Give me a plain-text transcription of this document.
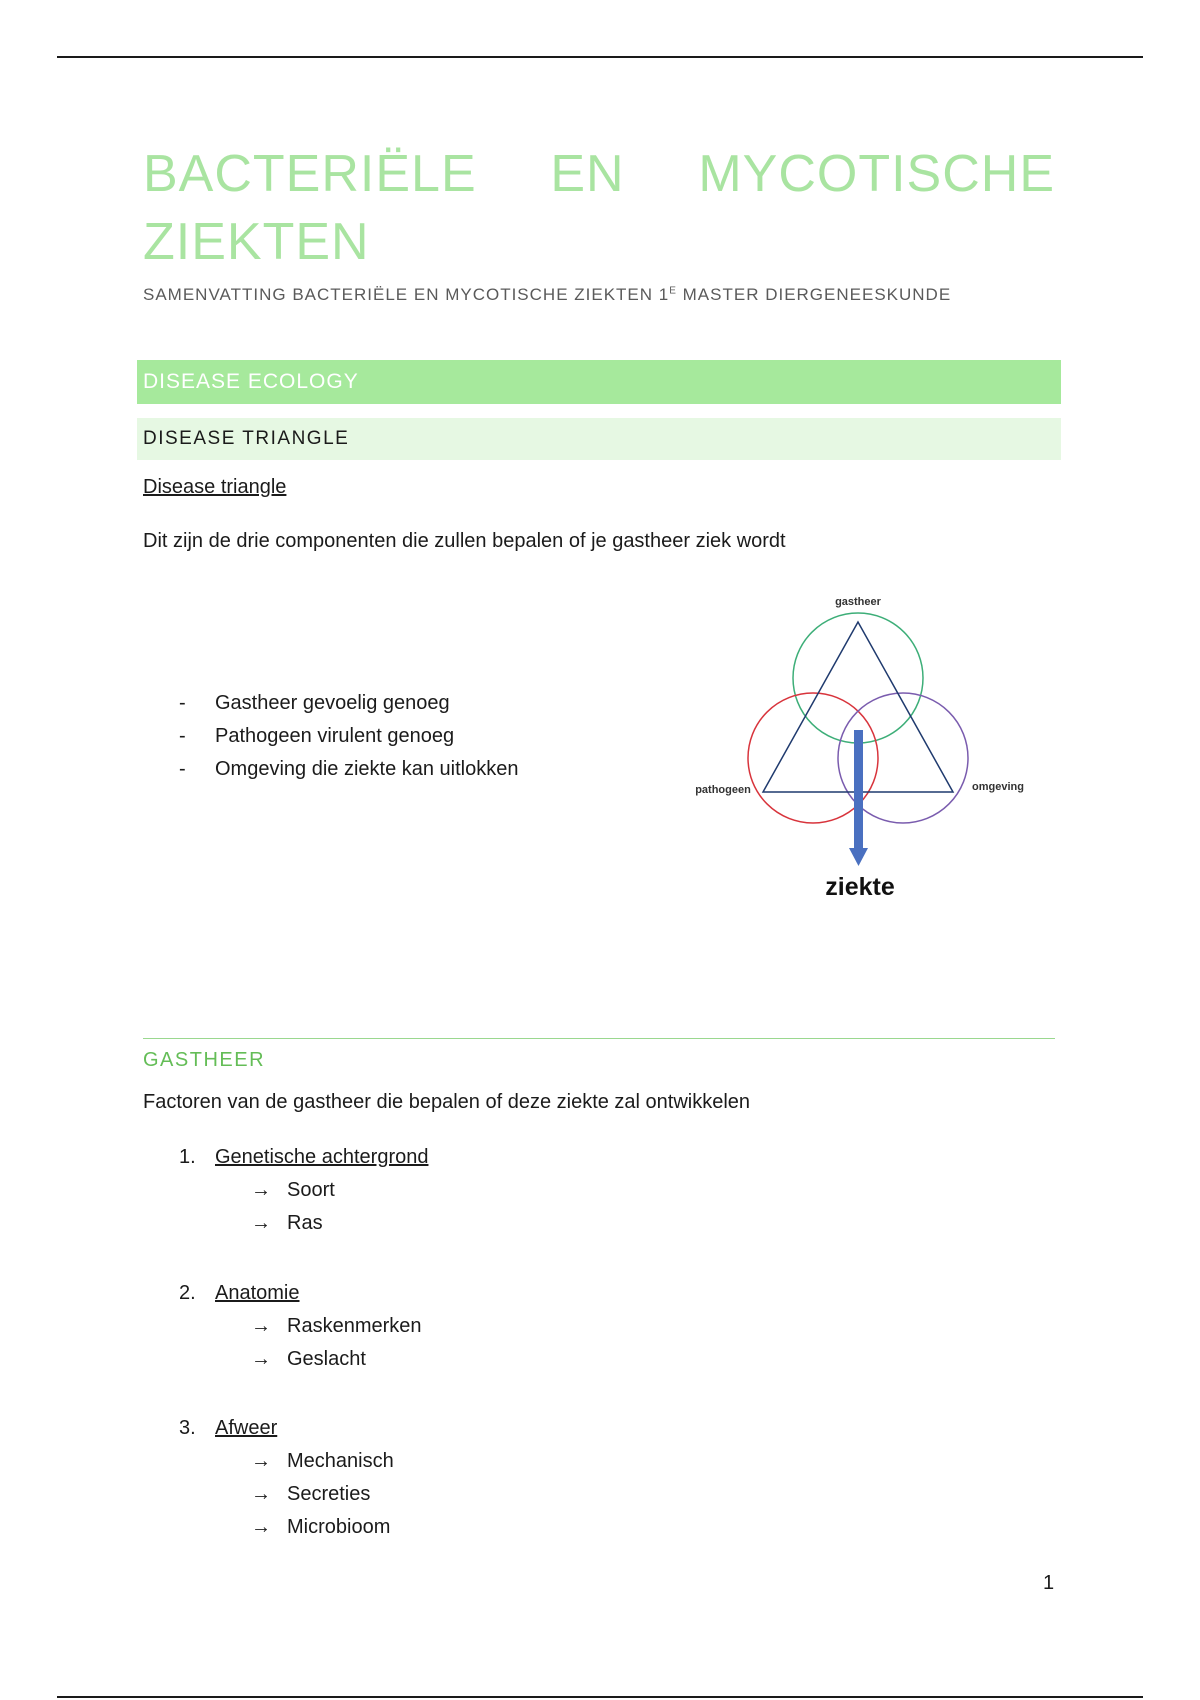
BACTERIËLE EN MYCOTISCHE ZIEKTEN
SAMENVATTING BACTERIËLE EN MYCOTISCHE ZIEKTEN $1^E$ MASTER DIERGENEESKUNDE
DISEASE ECOLOGY
DISEASE TRIANGLE
Disease triangle
Dit zijn de drie componenten die zullen bepalen of je gastheer ziek wordt
- Gastheer gevoelig genoeg
- Pathogeen virulent genoeg
- Omgeving die ziekte kan uitlokken
gastheer
pathogeen	omgeving
ziekte
GASTHEER
Factoren van de gastheer die bepalen of deze ziekte zal ontwikkelen
1. Genetische achtergrond
→ Soort
→ Ras
2. Anatomie
→ Raskenmerken
→ Geslacht
3. Afweer
→ Mechanisch
→ Secreties
→ Microbioom
1
